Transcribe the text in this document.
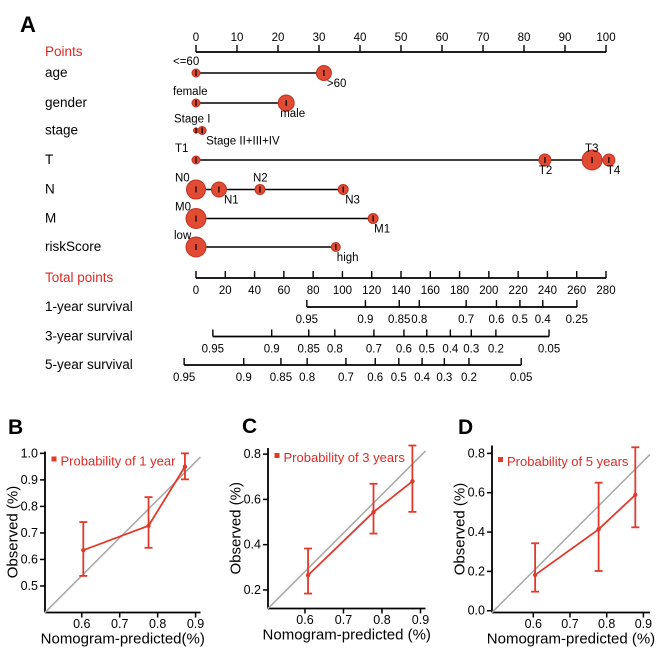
A
Points
0	10 20 30 40 50 60 70 80 90 100
age
<=60
>60
gender
female
male
stage
Stage I
Stage II+III+IV
T
T1
T2
T3
T4
N
N0
N1
N2
N3
M
M0
M1
riskScore
low
high
Total points
0 20 40 60 80 100 120 140 160 180 200 220 240 260 280
1-year survival
0.95	0.9 0.85 0.8	0.7 0.6 0.5 0.4 0.25
3-year survival
0.95	0.9 0.85 0.8 0.7 0.6 0.5 0.4 0.3 0.2	0.05
5-year survival
0.95	0.9 0.85 0.8 0.7 0.6 0.5 0.4 0.3 0.2	0.05
B
0.6 0.7 0.8 0.9
0.5
0.6
0.7
0.8
0.9
1.0
Nomogram-predicted(%)
Observed (%)
Probability of 1 year
C
0.6 0.7 0.8 0.9
0.2
0.4
0.6
0.8
Nomogram-predicted (%)
Observed (%)
Probability of 3 years
D
0.6 0.7 0.8 0.9
0.0
0.2
0.4
0.6
0.8
Nomogram-predicted (%)
Observed (%)
Probability of 5 years
